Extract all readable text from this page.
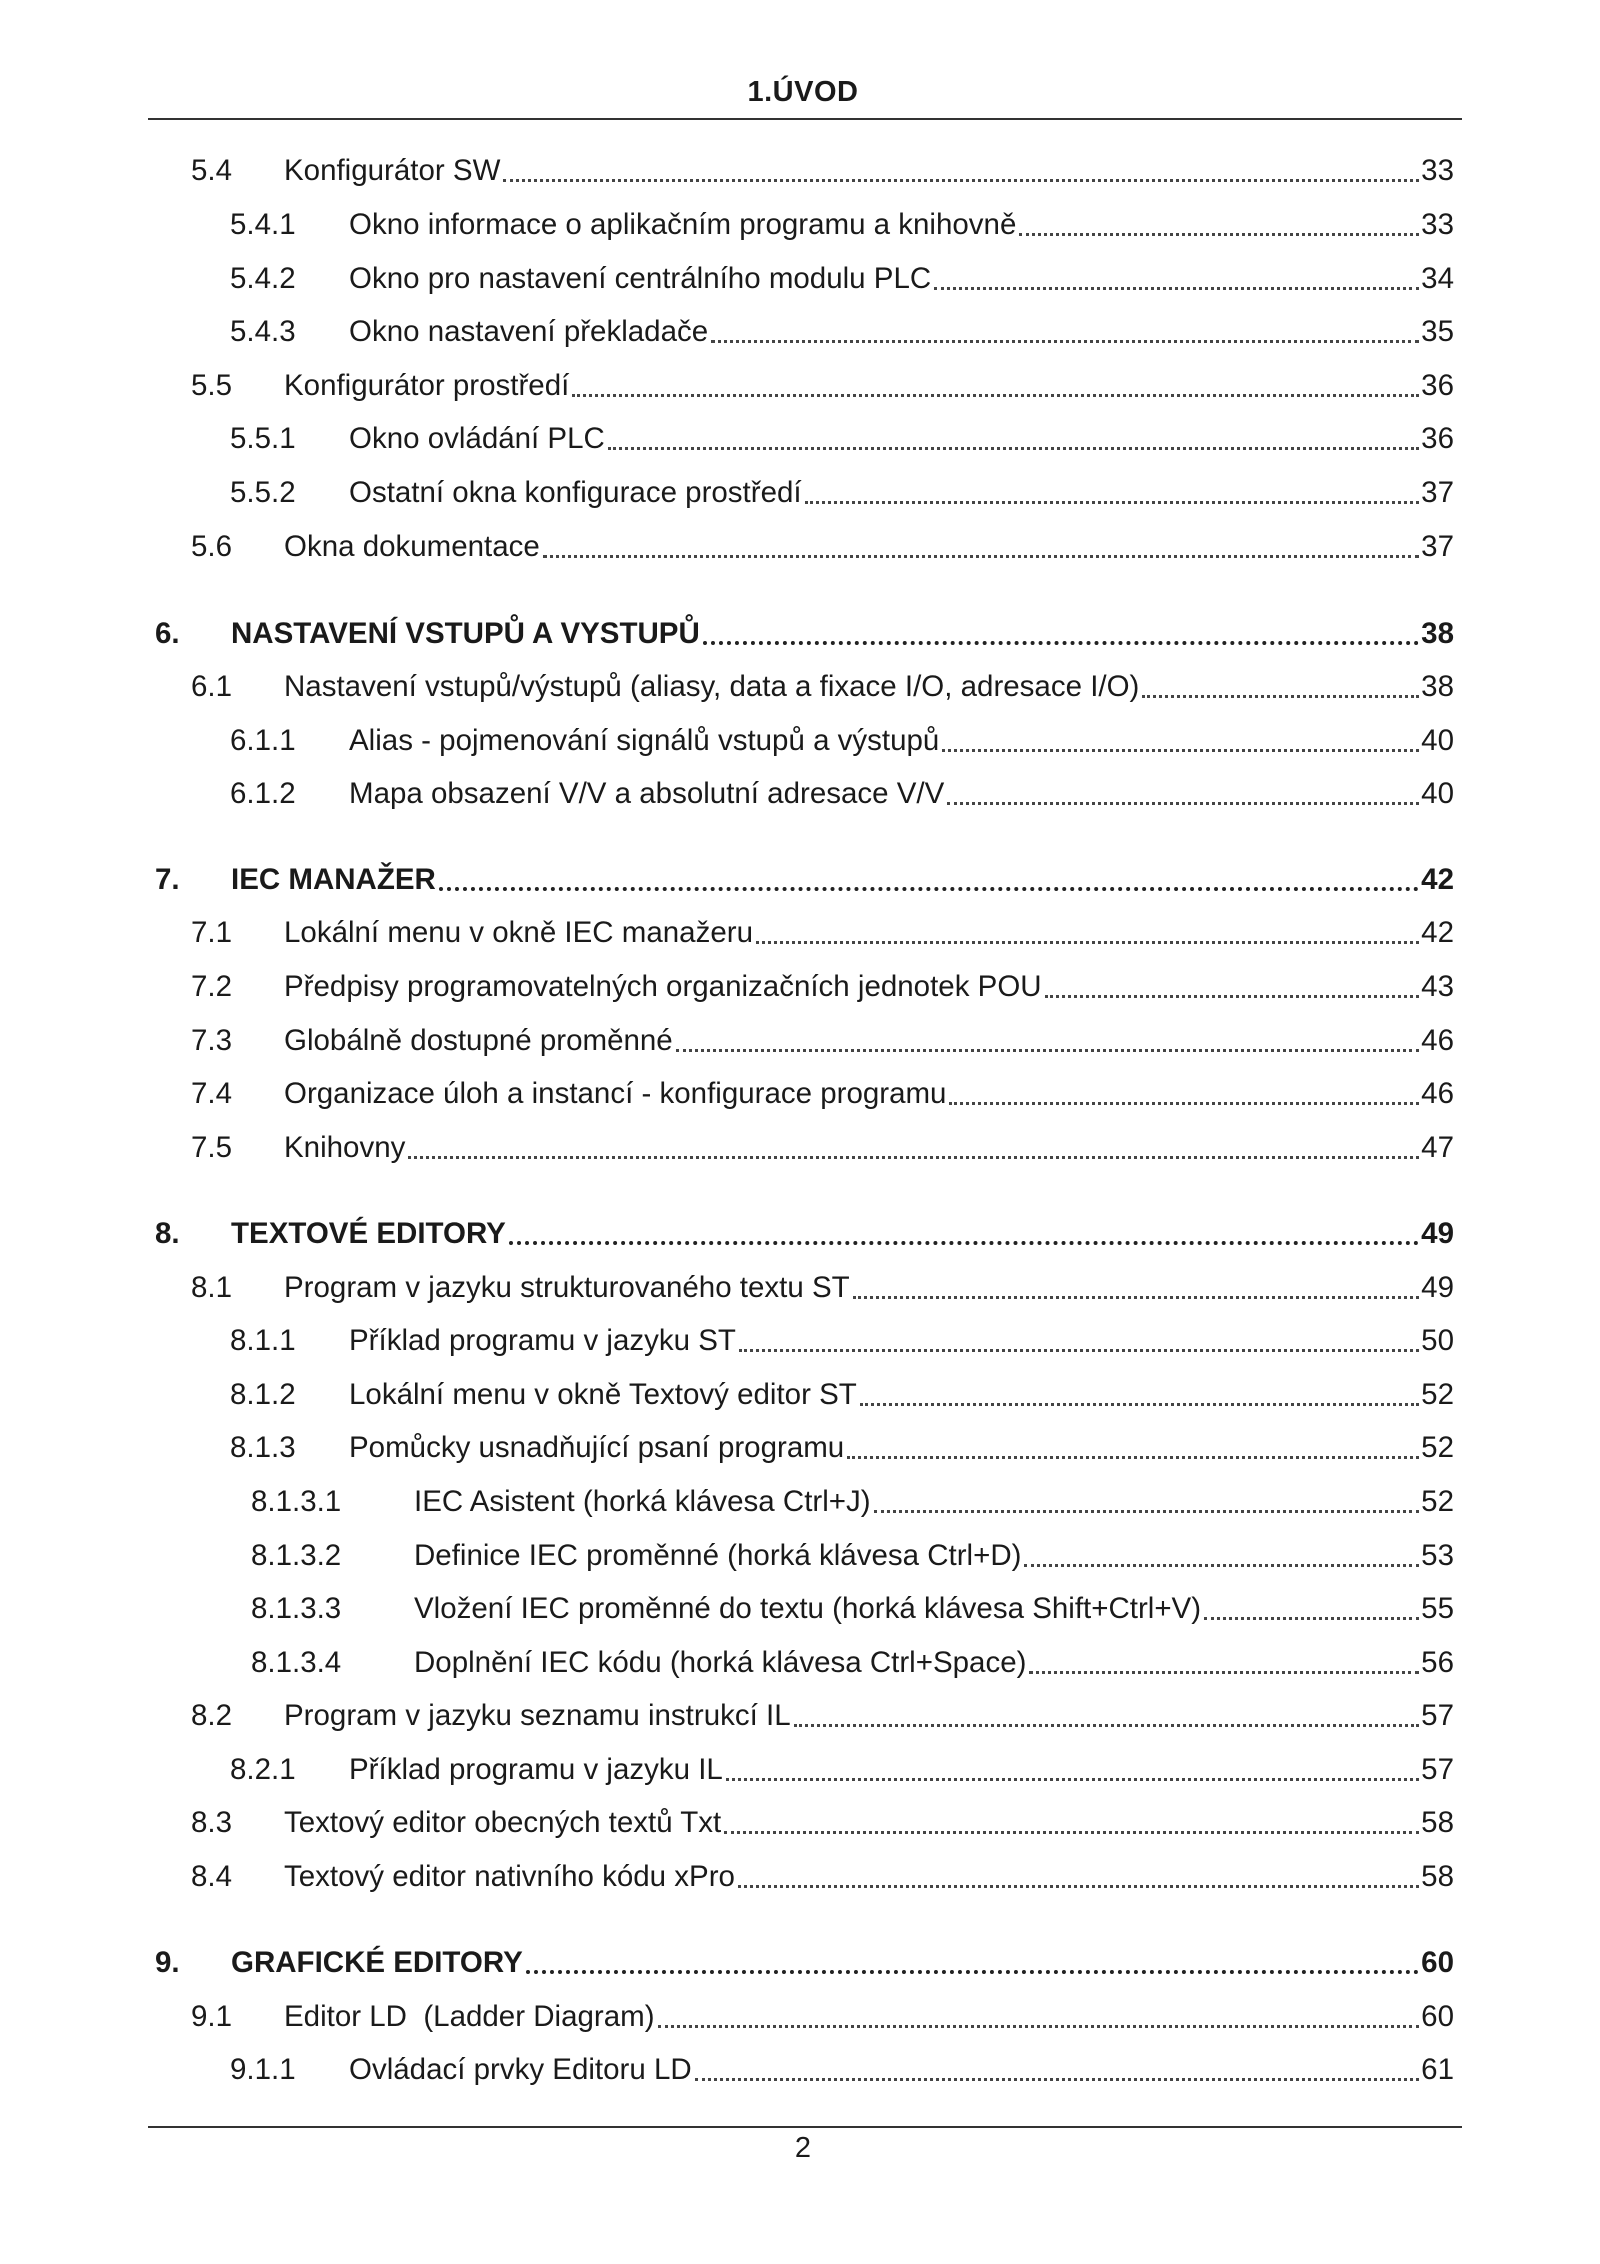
1.ÚVOD
5.4	Konfigurátor SW	33
5.4.1	Okno informace o aplikačním programu a knihovně	33
5.4.2	Okno pro nastavení centrálního modulu PLC	34
5.4.3	Okno nastavení překladače	35
5.5	Konfigurátor prostředí	36
5.5.1	Okno ovládání PLC	36
5.5.2	Ostatní okna konfigurace prostředí	37
5.6	Okna dokumentace	37
6.	NASTAVENÍ VSTUPŮ A VYSTUPŮ	38
6.1	Nastavení vstupů/výstupů (aliasy, data a fixace I/O, adresace I/O)	38
6.1.1	Alias - pojmenování signálů vstupů a výstupů	40
6.1.2	Mapa obsazení V/V a absolutní adresace V/V	40
7.	IEC MANAŽER	42
7.1	Lokální menu v okně IEC manažeru	42
7.2	Předpisy programovatelných organizačních jednotek POU	43
7.3	Globálně dostupné proměnné	46
7.4	Organizace úloh a instancí - konfigurace programu	46
7.5	Knihovny	47
8.	TEXTOVÉ EDITORY	49
8.1	Program v jazyku strukturovaného textu ST	49
8.1.1	Příklad programu v jazyku ST	50
8.1.2	Lokální menu v okně Textový editor ST	52
8.1.3	Pomůcky usnadňující psaní programu	52
8.1.3.1	IEC Asistent (horká klávesa Ctrl+J)	52
8.1.3.2	Definice IEC proměnné (horká klávesa Ctrl+D)	53
8.1.3.3	Vložení IEC proměnné do textu (horká klávesa Shift+Ctrl+V)	55
8.1.3.4	Doplnění IEC kódu (horká klávesa Ctrl+Space)	56
8.2	Program v jazyku seznamu instrukcí IL	57
8.2.1	Příklad programu v jazyku IL	57
8.3	Textový editor obecných textů Txt	58
8.4	Textový editor nativního kódu xPro	58
9.	GRAFICKÉ EDITORY	60
9.1	Editor LD  (Ladder Diagram)	60
9.1.1	Ovládací prvky Editoru LD	61
2
